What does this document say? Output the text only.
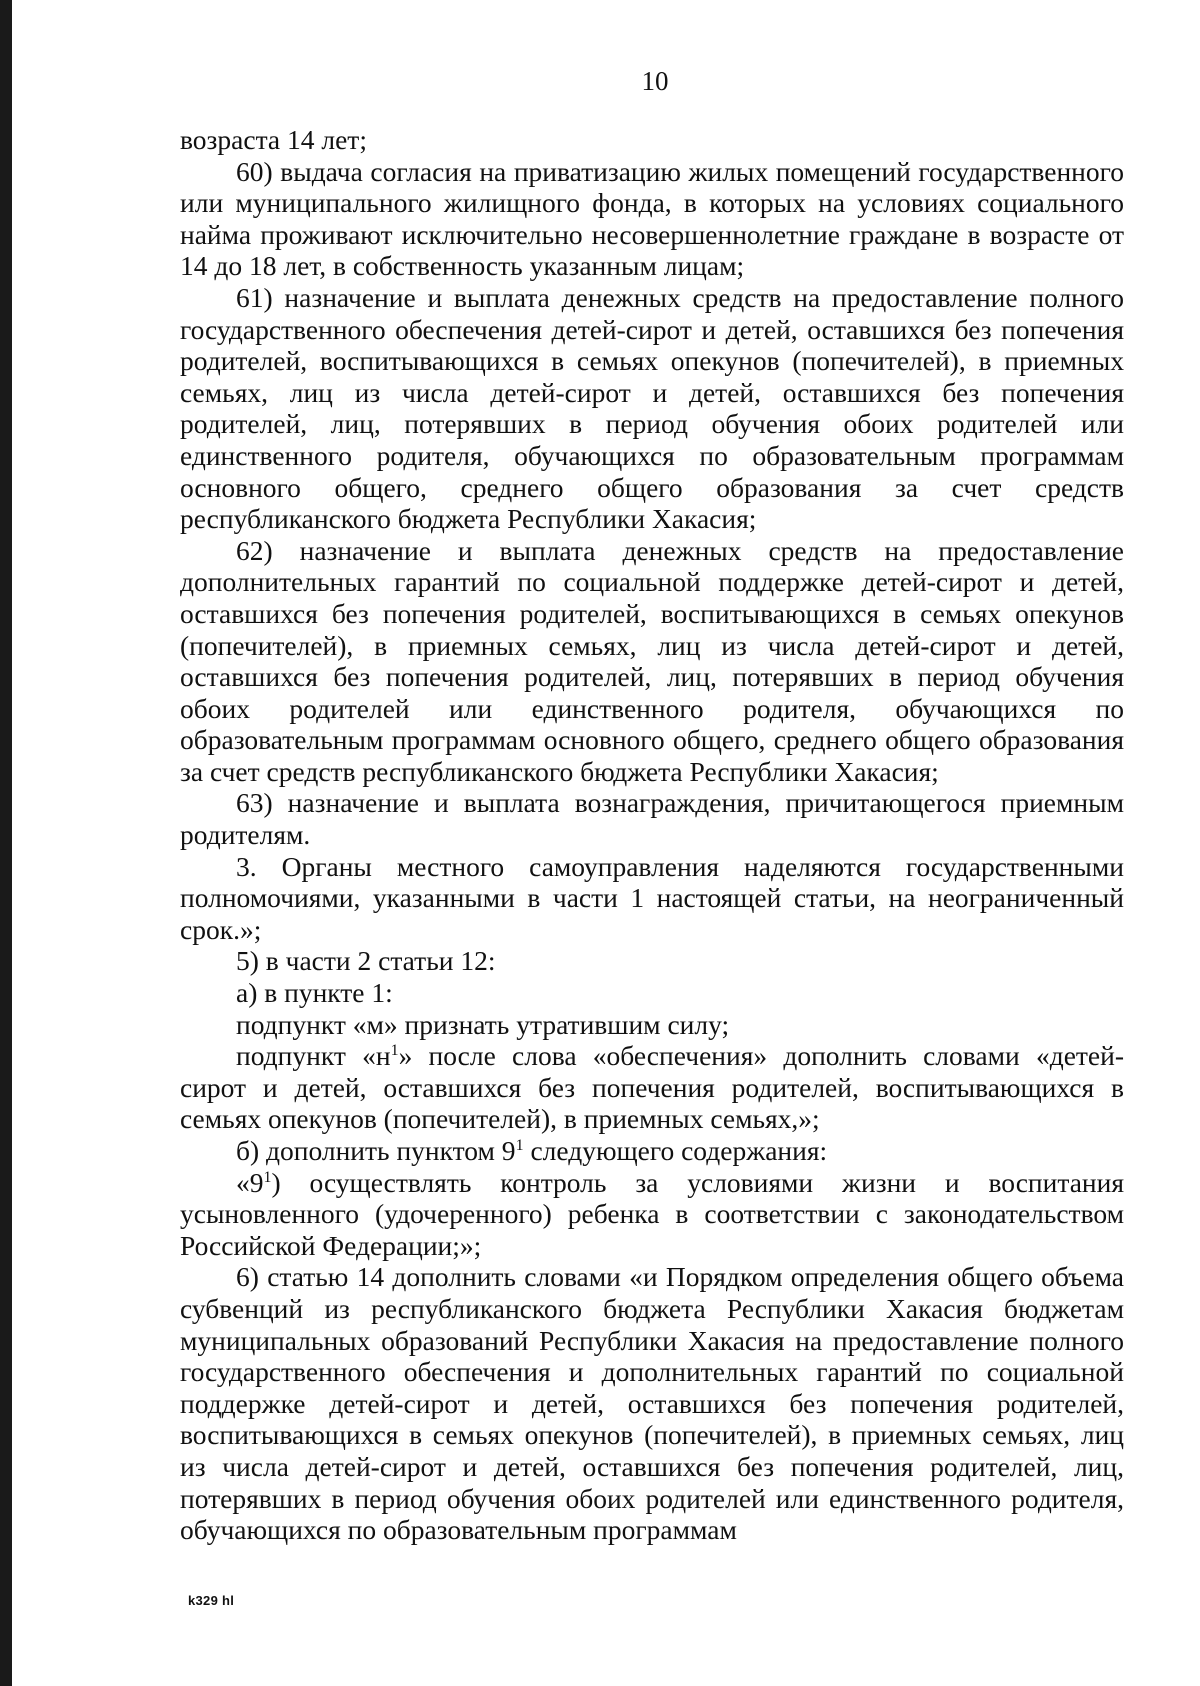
10

возраста 14 лет;

60) выдача согласия на приватизацию жилых помещений государственного или муниципального жилищного фонда, в которых на условиях социального найма проживают исключительно несовершеннолетние граждане в возрасте от 14 до 18 лет, в собственность указанным лицам;

61) назначение и выплата денежных средств на предоставление полного государственного обеспечения детей-сирот и детей, оставшихся без попечения родителей, воспитывающихся в семьях опекунов (попечителей), в приемных семьях, лиц из числа детей-сирот и детей, оставшихся без попечения родителей, лиц, потерявших в период обучения обоих родителей или единственного родителя, обучающихся по образовательным программам основного общего, среднего общего образования за счет средств республиканского бюджета Республики Хакасия;

62) назначение и выплата денежных средств на предоставление дополнительных гарантий по социальной поддержке детей-сирот и детей, оставшихся без попечения родителей, воспитывающихся в семьях опекунов (попечителей), в приемных семьях, лиц из числа детей-сирот и детей, оставшихся без попечения родителей, лиц, потерявших в период обучения обоих родителей или единственного родителя, обучающихся по образовательным программам основного общего, среднего общего образования за счет средств республиканского бюджета Республики Хакасия;

63) назначение и выплата вознаграждения, причитающегося приемным родителям.

3. Органы местного самоуправления наделяются государственными полномочиями, указанными в части 1 настоящей статьи, на неограниченный срок.»;

5) в части 2 статьи 12:

а) в пункте 1:

подпункт «м» признать утратившим силу;

подпункт «$н^1$» после слова «обеспечения» дополнить словами «детей-сирот и детей, оставшихся без попечения родителей, воспитывающихся в семьях опекунов (попечителей), в приемных семьях,»;

б) дополнить пунктом $9^1$ следующего содержания:

«$9^1$) осуществлять контроль за условиями жизни и воспитания усыновленного (удочеренного) ребенка в соответствии с законодательством Российской Федерации;»;

6) статью 14 дополнить словами «и Порядком определения общего объема субвенций из республиканского бюджета Республики Хакасия бюджетам муниципальных образований Республики Хакасия на предоставление полного государственного обеспечения и дополнительных гарантий по социальной поддержке детей-сирот и детей, оставшихся без попечения родителей, воспитывающихся в семьях опекунов (попечителей), в приемных семьях, лиц из числа детей-сирот и детей, оставшихся без попечения родителей, лиц, потерявших в период обучения обоих родителей или единственного родителя, обучающихся по образовательным программам

k329 hl
